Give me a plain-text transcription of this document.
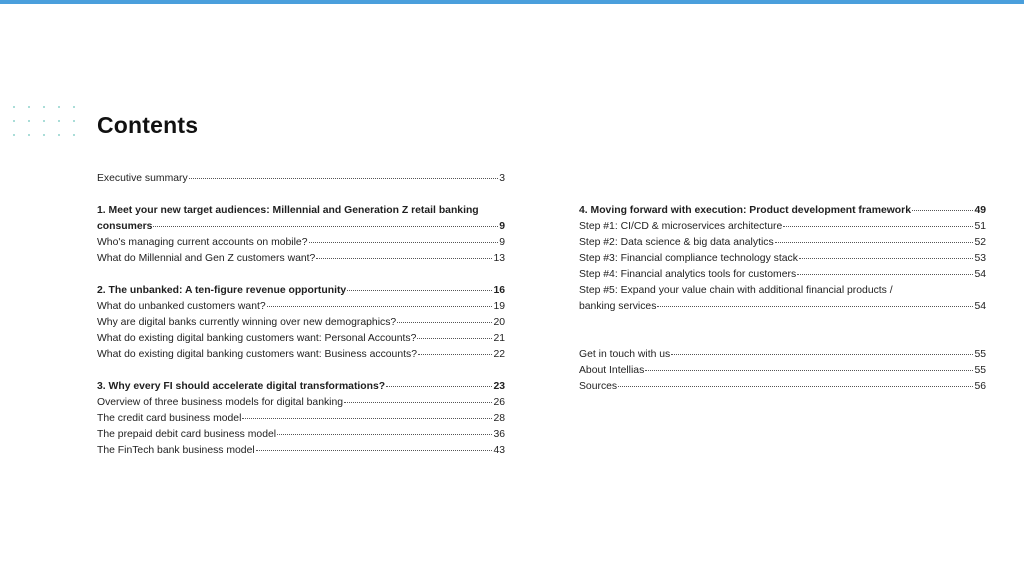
Contents
Executive summary	3
1. Meet your new target audiences: Millennial and Generation Z retail banking
consumers	9
Who's managing current accounts on mobile?	9
What do Millennial and Gen Z customers want?	13
2. The unbanked: A ten-figure revenue opportunity	16
What do unbanked customers want?	19
Why are digital banks currently winning over new demographics?	20
What do existing digital banking customers want: Personal Accounts?	21
What do existing digital banking customers want: Business accounts?	22
3. Why every FI should accelerate digital transformations?	23
Overview of three business models for digital banking	26
The credit card business model	28
The prepaid debit card business model	36
The FinTech bank business model	43
4. Moving forward with execution: Product development framework	49
Step #1: CI/CD & microservices architecture	51
Step #2: Data science & big data analytics	52
Step #3: Financial compliance technology stack	53
Step #4: Financial analytics tools for customers	54
Step #5: Expand your value chain with additional financial products /
banking services	54
Get in touch with us	55
About Intellias	55
Sources	56
